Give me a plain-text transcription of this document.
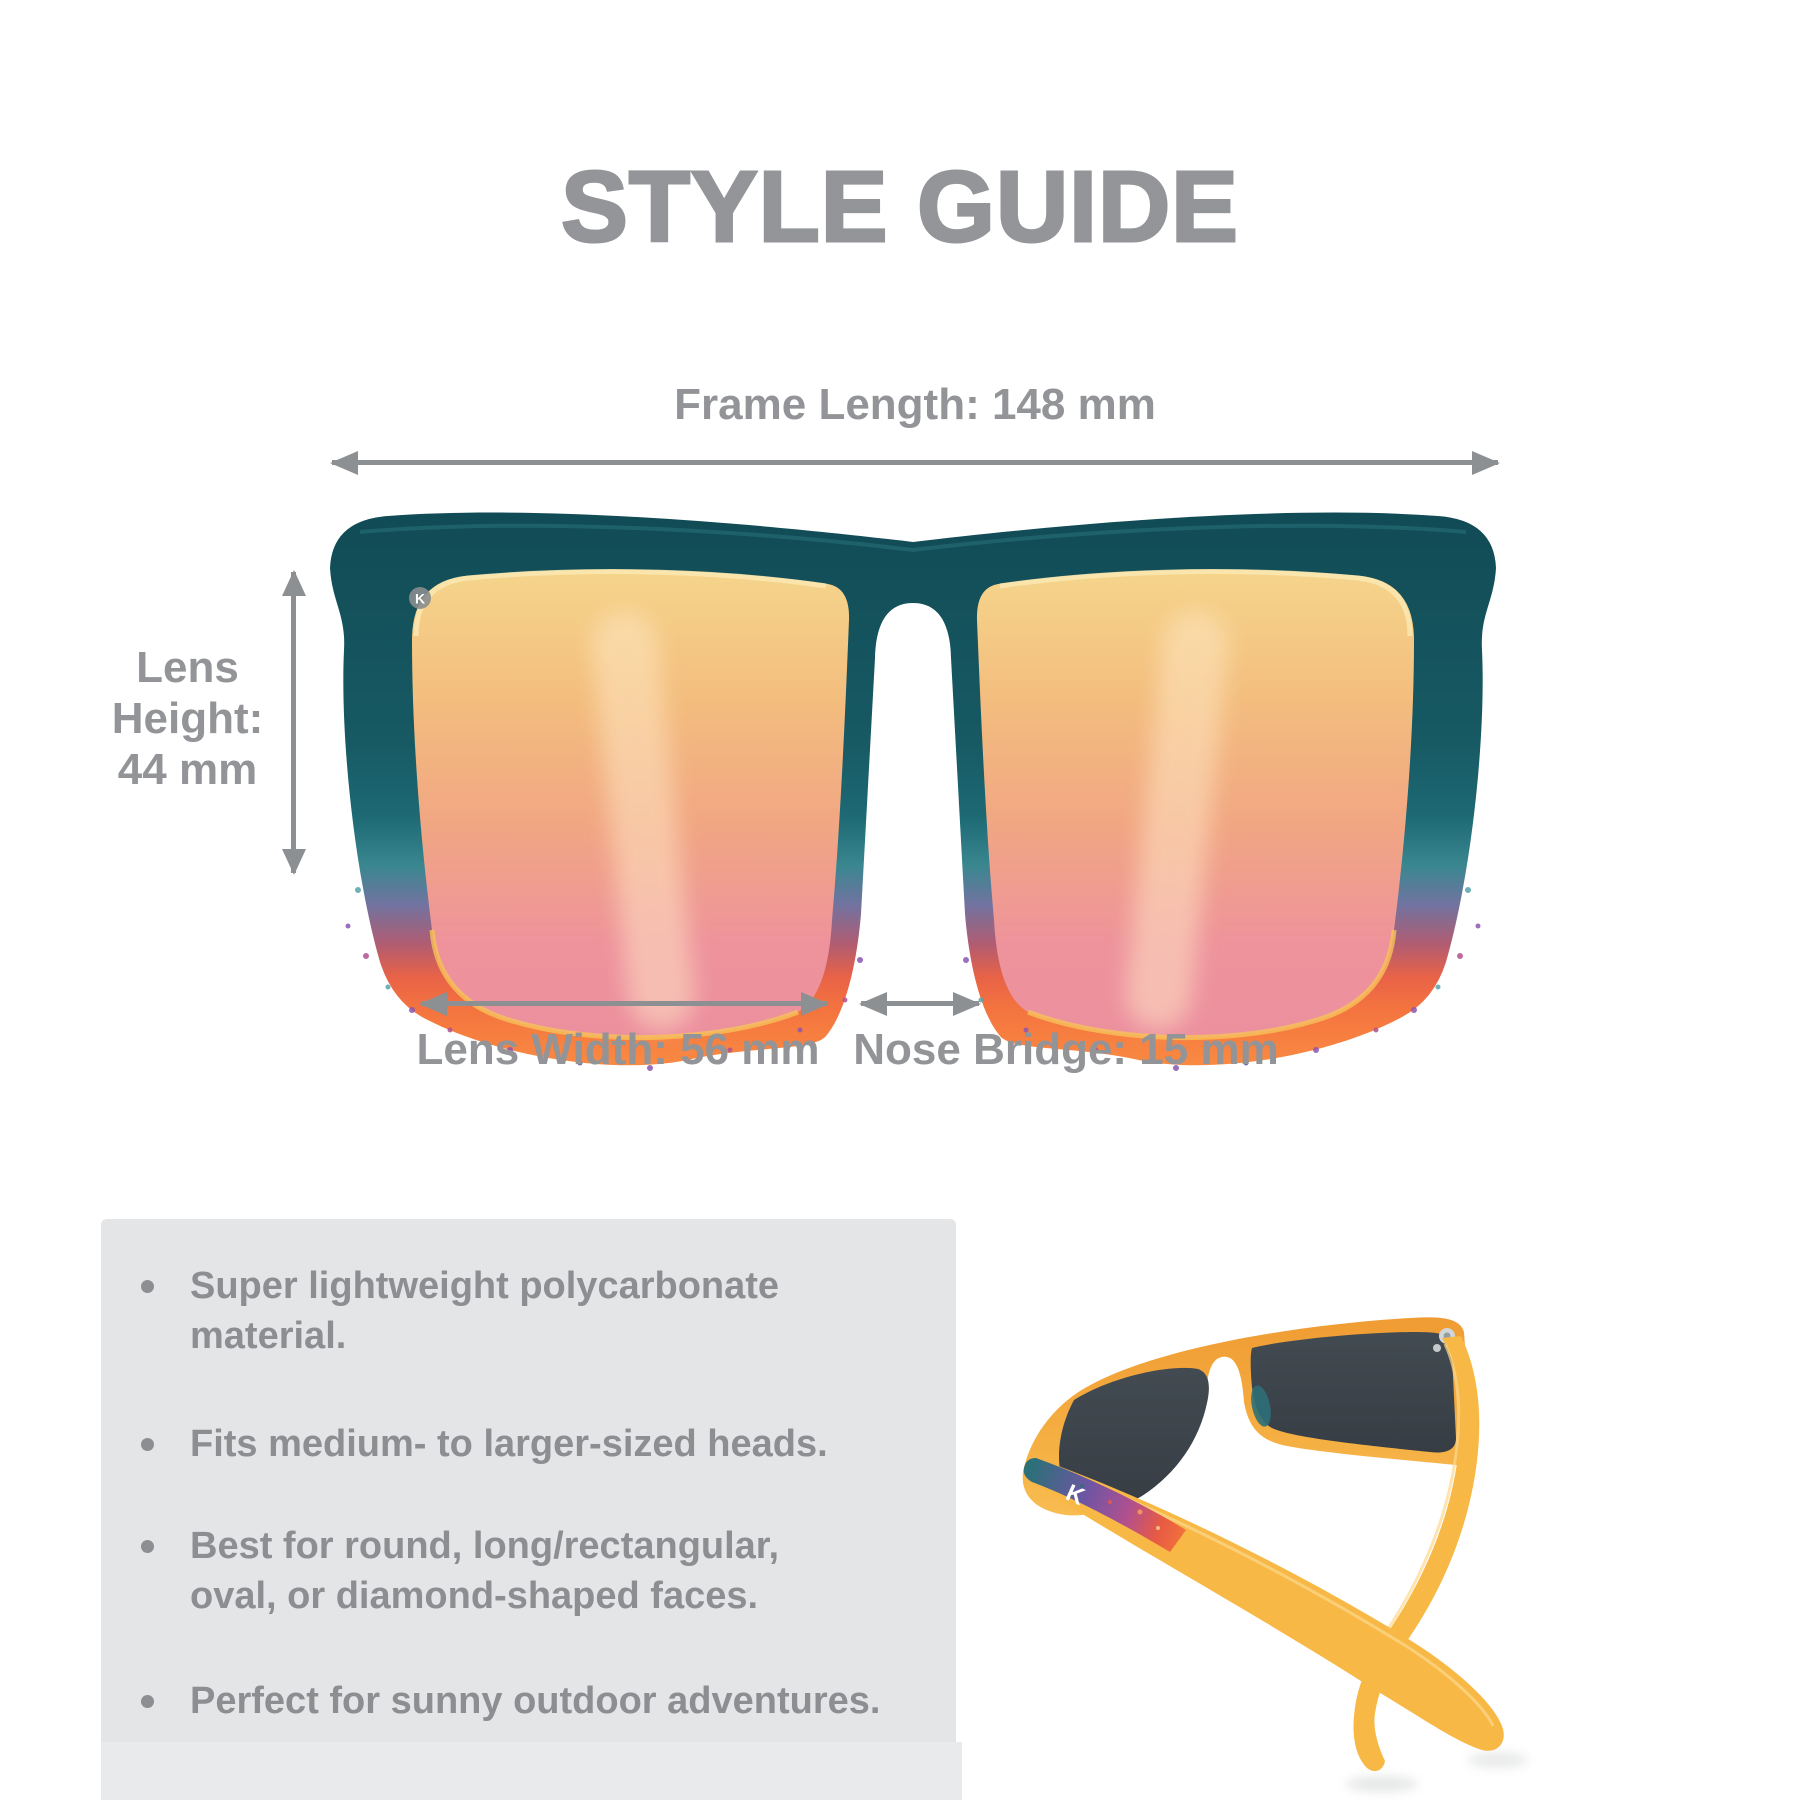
STYLE GUIDE
Frame Length: 148 mm
K
Lens
Height:
44 mm
Lens Width: 56 mm Nose Bridge: 15 mm
Super lightweight polycarbonate
material.
Fits medium- to larger-sized heads.
Best for round, long/rectangular,
oval, or diamond-shaped faces.
Perfect for sunny outdoor adventures.
K
